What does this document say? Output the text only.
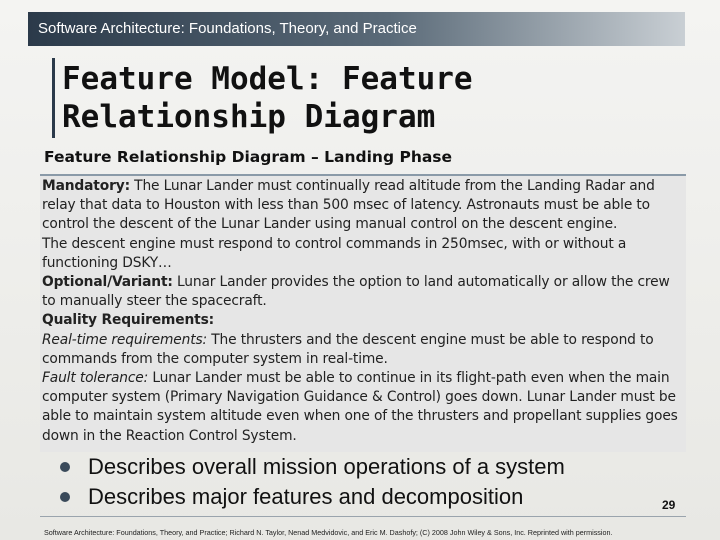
Software Architecture: Foundations, Theory, and Practice
Feature Model: Feature
Relationship Diagram
Feature Relationship Diagram – Landing Phase

Mandatory: The Lunar Lander must continually read altitude from the Landing Radar and relay that data to Houston with less than 500 msec of latency. Astronauts must be able to control the descent of the Lunar Lander using manual control on the descent engine.

The descent engine must respond to control commands in 250msec, with or without a functioning DSKY…

Optional/Variant: Lunar Lander provides the option to land automatically or allow the crew to manually steer the spacecraft.

Quality Requirements:

Real-time requirements: The thrusters and the descent engine must be able to respond to commands from the computer system in real-time.

Fault tolerance: Lunar Lander must be able to continue in its flight-path even when the main computer system (Primary Navigation Guidance & Control) goes down. Lunar Lander must be able to maintain system altitude even when one of the thrusters and propellant supplies goes down in the Reaction Control System.

Describes overall mission operations of a system
Describes major features and decomposition	29
Software Architecture: Foundations, Theory, and Practice; Richard N. Taylor, Nenad Medvidovic, and Eric M. Dashofy; (C) 2008 John Wiley & Sons, Inc. Reprinted with permission.
